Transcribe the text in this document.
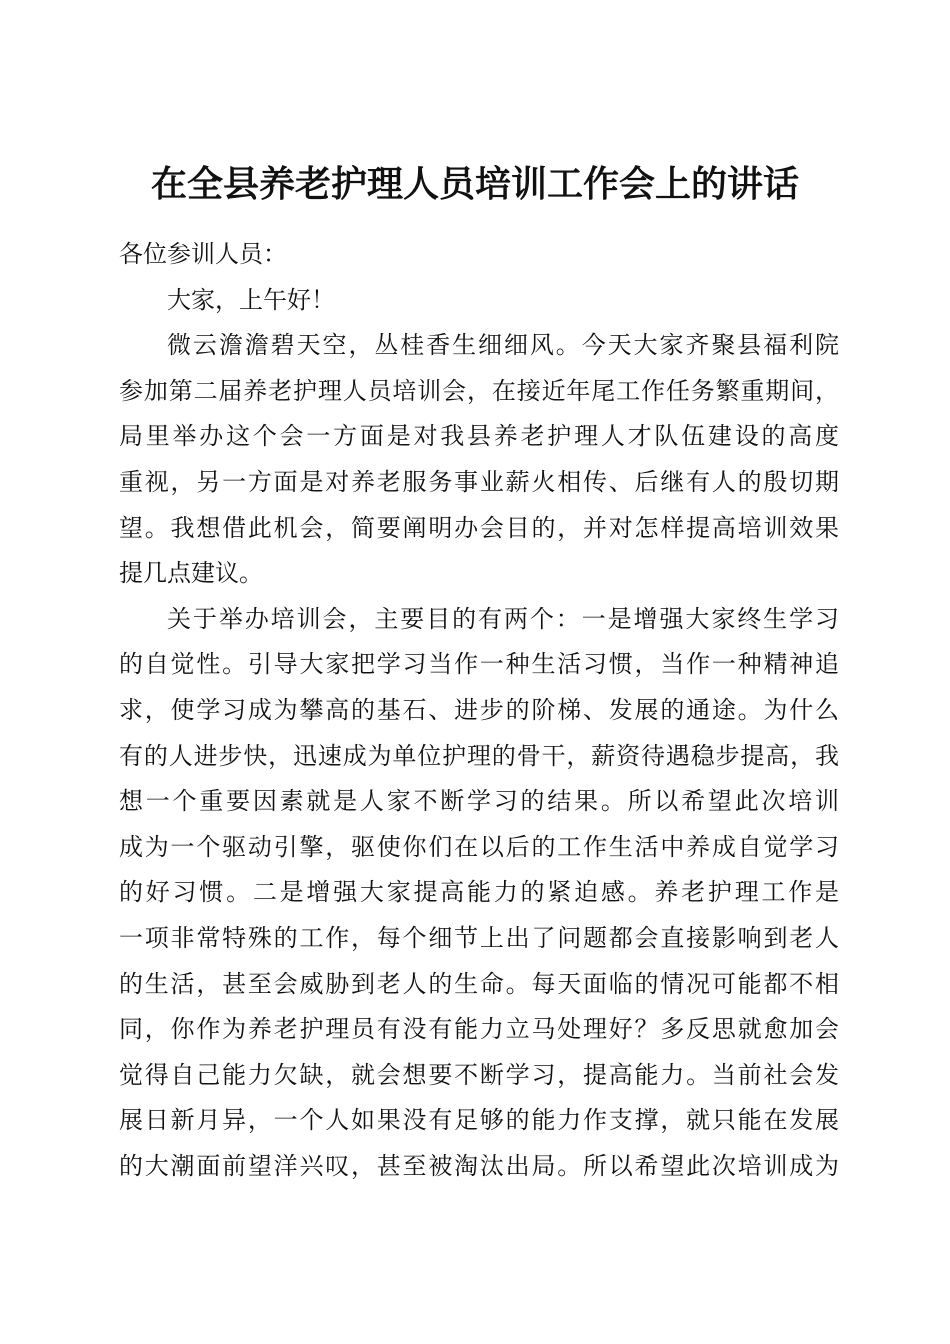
在全县养老护理人员培训工作会上的讲话

各位参训人员：

大家，上午好！

微云澹澹碧天空，丛桂香生细细风。今天大家齐聚县福利院
参加第二届养老护理人员培训会，在接近年尾工作任务繁重期间，
局里举办这个会一方面是对我县养老护理人才队伍建设的高度
重视，另一方面是对养老服务事业薪火相传、后继有人的殷切期
望。我想借此机会，简要阐明办会目的，并对怎样提高培训效果
提几点建议。

关于举办培训会，主要目的有两个：一是增强大家终生学习
的自觉性。引导大家把学习当作一种生活习惯，当作一种精神追
求，使学习成为攀高的基石、进步的阶梯、发展的通途。为什么
有的人进步快，迅速成为单位护理的骨干，薪资待遇稳步提高，我
想一个重要因素就是人家不断学习的结果。所以希望此次培训
成为一个驱动引擎，驱使你们在以后的工作生活中养成自觉学习
的好习惯。二是增强大家提高能力的紧迫感。养老护理工作是
一项非常特殊的工作，每个细节上出了问题都会直接影响到老人
的生活，甚至会威胁到老人的生命。每天面临的情况可能都不相
同，你作为养老护理员有没有能力立马处理好？多反思就愈加会
觉得自己能力欠缺，就会想要不断学习，提高能力。当前社会发
展日新月异，一个人如果没有足够的能力作支撑，就只能在发展
的大潮面前望洋兴叹，甚至被淘汰出局。所以希望此次培训成为
